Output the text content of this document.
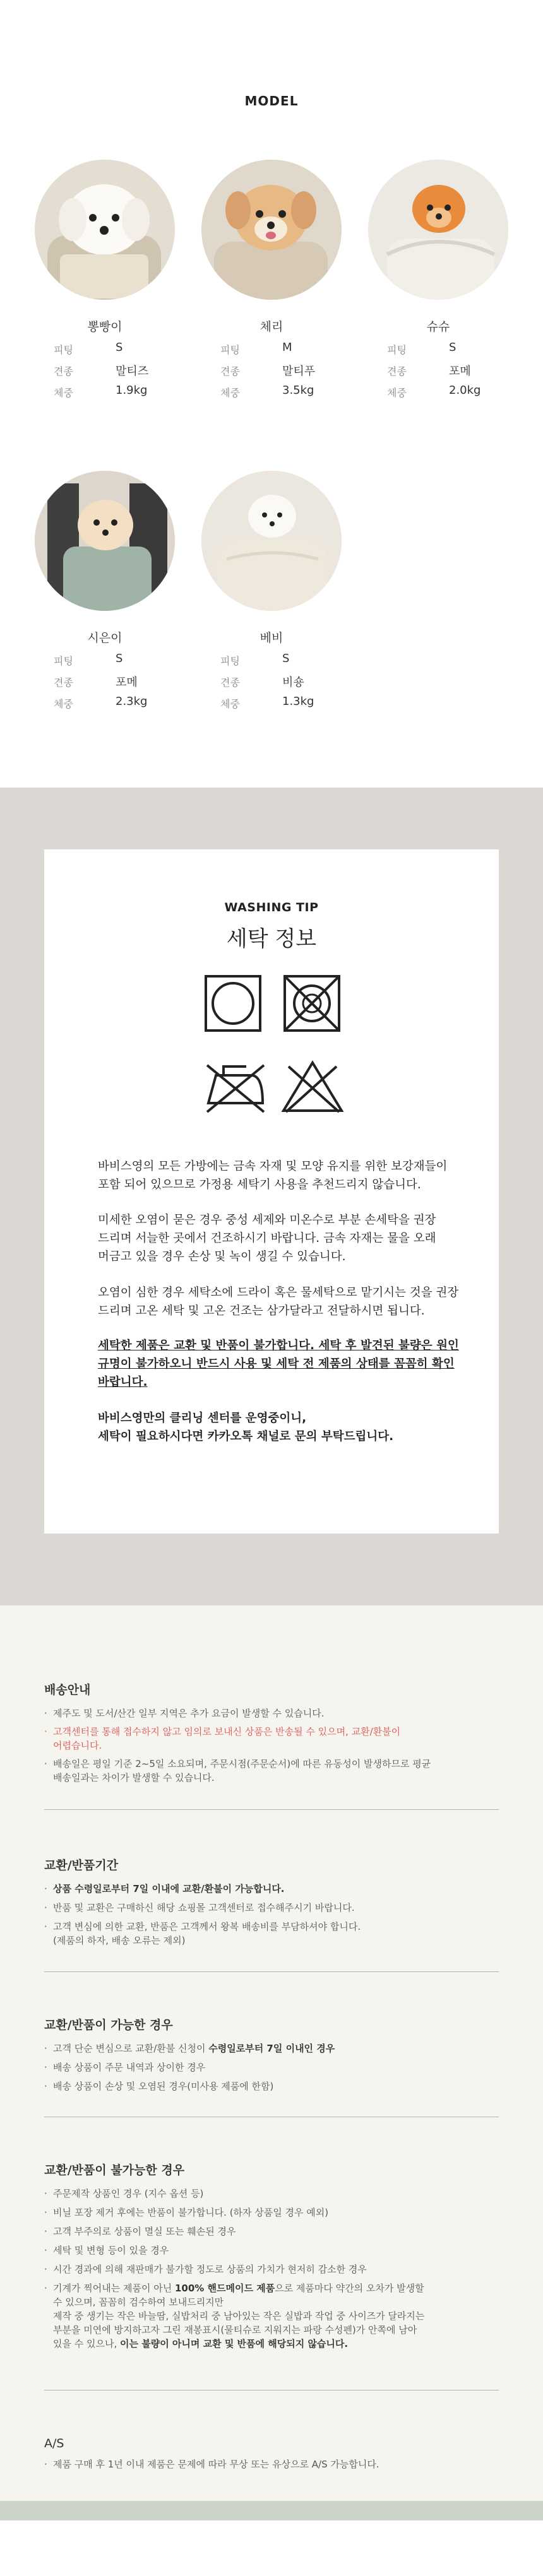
MODEL
뽕빵이
피팅	S
견종	말티즈
체중	1.9kg
체리
피팅	M
견종	말티푸
체중	3.5kg
슈슈
피팅	S
견종	포메
체중	2.0kg
시은이
피팅	S
견종	포메
체중	2.3kg
베비
피팅	S
견종	비숑
체중	1.3kg
WASHING TIP
세탁 정보
바비스영의 모든 가방에는 금속 자재 및 모양 유지를 위한 보강재들이
포함 되어 있으므로 가정용 세탁기 사용을 추천드리지 않습니다.
미세한 오염이 묻은 경우 중성 세제와 미온수로 부분 손세탁을 권장
드리며 서늘한 곳에서 건조하시기 바랍니다. 금속 자재는 물을 오래
머금고 있을 경우 손상 및 녹이 생길 수 있습니다.
오염이 심한 경우 세탁소에 드라이 혹은 물세탁으로 맡기시는 것을 권장
드리며 고온 세탁 및 고온 건조는 삼가달라고 전달하시면 됩니다.
세탁한 제품은 교환 및 반품이 불가합니다. 세탁 후 발견된 불량은 원인
규명이 불가하오니 반드시 사용 및 세탁 전 제품의 상태를 꼼꼼히 확인
바랍니다.
바비스영만의 클리닝 센터를 운영중이니,
세탁이 필요하시다면 카카오톡 채널로 문의 부탁드립니다.
배송안내
· 제주도 및 도서/산간 일부 지역은 추가 요금이 발생할 수 있습니다.
· 고객센터를 통해 접수하지 않고 임의로 보내신 상품은 반송될 수 있으며, 교환/환불이
어렵습니다.
· 배송일은 평일 기준 2~5일 소요되며, 주문시점(주문순서)에 따른 유동성이 발생하므로 평균
배송일과는 차이가 발생할 수 있습니다.
교환/반품기간
· 상품 수령일로부터 7일 이내에 교환/환불이 가능합니다.
· 반품 및 교환은 구매하신 해당 쇼핑몰 고객센터로 접수해주시기 바랍니다.
· 고객 변심에 의한 교환, 반품은 고객께서 왕복 배송비를 부담하셔야 합니다.
(제품의 하자, 배송 오류는 제외)
교환/반품이 가능한 경우
· 고객 단순 변심으로 교환/환불 신청이 수령일로부터 7일 이내인 경우
· 배송 상품이 주문 내역과 상이한 경우
· 배송 상품이 손상 및 오염된 경우(미사용 제품에 한함)
교환/반품이 불가능한 경우
· 주문제작 상품인 경우 (지수 옵션 등)
· 비닐 포장 제거 후에는 반품이 불가합니다. (하자 상품일 경우 예외)
· 고객 부주의로 상품이 멸실 또는 훼손된 경우
· 세탁 및 변형 등이 있을 경우
· 시간 경과에 의해 재판매가 불가할 정도로 상품의 가치가 현저히 감소한 경우
· 기계가 찍어내는 제품이 아닌 100% 핸드메이드 제품으로 제품마다 약간의 오차가 발생할
수 있으며, 꼼꼼히 검수하여 보내드리지만
제작 중 생기는 작은 바늘땀, 실밥처리 중 남아있는 작은 실밥과 작업 중 사이즈가 달라지는
부분을 미연에 방지하고자 그린 재봉표시(물티슈로 지워지는 파랑 수성펜)가 안쪽에 남아
있을 수 있으나, 이는 불량이 아니며 교환 및 반품에 해당되지 않습니다.
A/S
· 제품 구매 후 1년 이내 제품은 문제에 따라 무상 또는 유상으로 A/S 가능합니다.
